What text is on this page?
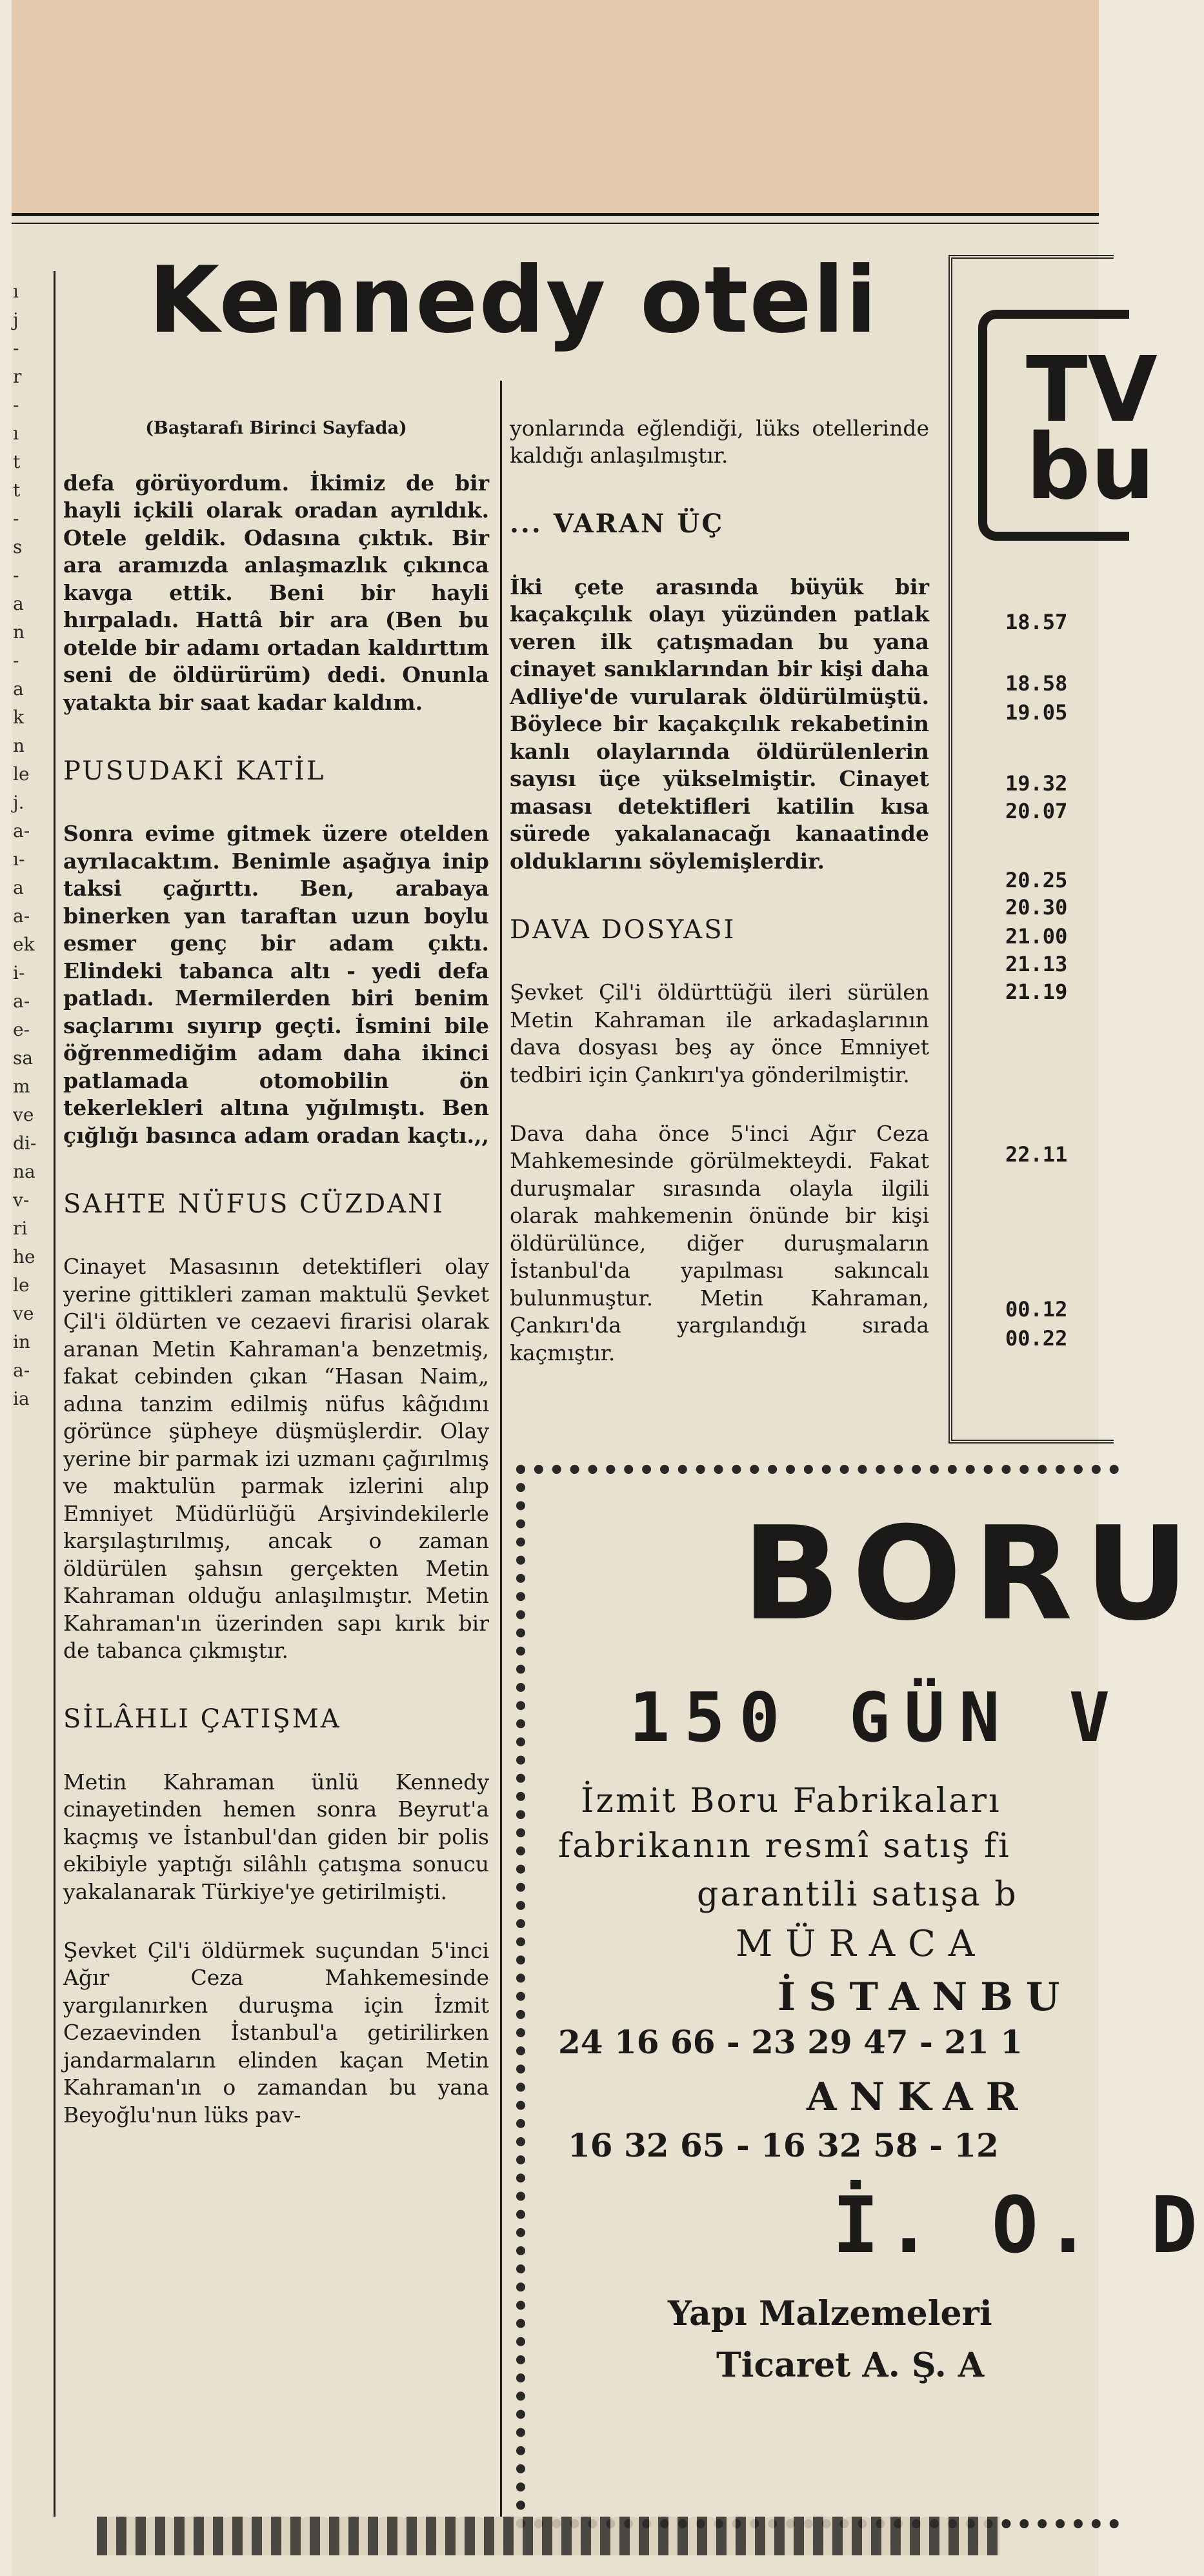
Kennedy oteli
ı
j
-
r
-
ı
t
t
-
s
-
a
n
-
a
k
n
le
j.
a-
ı-
a
a-
ek
i-
a-
e-
sa
m
ve
di-
na
v-
ri
he
le
ve
in
a-
ia

(Baştarafı Birinci Sayfada)

defa görüyordum. İkimiz de bir hayli içkili olarak oradan ayrıldık. Otele geldik. Odasına çıktık. Bir ara aramızda anlaşmazlık çıkınca kavga ettik. Beni bir hayli hırpaladı. Hattâ bir ara (Ben bu otelde bir adamı ortadan kaldırttım seni de öldürürüm) dedi. Onunla yatakta bir saat kadar kaldım.

PUSUDAKİ KATİL

Sonra evime gitmek üzere otelden ayrılacaktım. Benimle aşağıya inip taksi çağırttı. Ben, arabaya binerken yan taraftan uzun boylu esmer genç bir adam çıktı. Elindeki tabanca altı - yedi defa patladı. Mermilerden biri benim saçlarımı sıyırıp geçti. İsmini bile öğrenmediğim adam daha ikinci patlamada otomobilin ön tekerlekleri altına yığılmıştı. Ben çığlığı basınca adam oradan kaçtı.,,

SAHTE NÜFUS CÜZDANI

Cinayet Masasının detektifleri olay yerine gittikleri zaman maktulü Şevket Çil'i öldürten ve cezaevi firarisi olarak aranan Metin Kahraman'a benzetmiş, fakat cebinden çıkan “Hasan Naim„ adına tanzim edilmiş nüfus kâğıdını görünce şüpheye düşmüşlerdir. Olay yerine bir parmak izi uzmanı çağırılmış ve maktulün parmak izlerini alıp Emniyet Müdürlüğü Arşivindekilerle karşılaştırılmış, ancak o zaman öldürülen şahsın gerçekten Metin Kahraman olduğu anlaşılmıştır. Metin Kahraman'ın üzerinden sapı kırık bir de tabanca çıkmıştır.

SİLÂHLI ÇATIŞMA

Metin Kahraman ünlü Kennedy cinayetinden hemen sonra Beyrut'a kaçmış ve İstanbul'dan giden bir polis ekibiyle yaptığı silâhlı çatışma sonucu yakalanarak Türkiye'ye getirilmişti.

Şevket Çil'i öldürmek suçundan 5'inci Ağır Ceza Mahkemesinde yargılanırken duruşma için İzmit Cezaevinden İstanbul'a getirilirken jandarmaların elinden kaçan Metin Kahraman'ın o zamandan bu yana Beyoğlu'nun lüks pav-

yonlarında eğlendiği, lüks otellerinde kaldığı anlaşılmıştır.

... VARAN ÜÇ

İki çete arasında büyük bir kaçakçılık olayı yüzünden patlak veren ilk çatışmadan bu yana cinayet sanıklarından bir kişi daha Adliye'de vurularak öldürülmüştü. Böylece bir kaçakçılık rekabetinin kanlı olaylarında öldürülenlerin sayısı üçe yükselmiştir. Cinayet masası detektifleri katilin kısa sürede yakalanacağı kanaatinde olduklarını söylemişlerdir.

DAVA DOSYASI

Şevket Çil'i öldürttüğü ileri sürülen Metin Kahraman ile arkadaşlarının dava dosyası beş ay önce Emniyet tedbiri için Çankırı'ya gönderilmiştir.

Dava daha önce 5'inci Ağır Ceza Mahkemesinde görülmekteydi. Fakat duruşmalar sırasında olayla ilgili olarak mahkemenin önünde bir kişi öldürülünce, diğer duruşmaların İstanbul'da yapılması sakıncalı bulunmuştur. Metin Kahraman, Çankırı'da yargılandığı sırada kaçmıştır.

TV
bu
18.57
18.58
19.05
19.32
20.07
20.25
20.30
21.00
21.13
21.19
22.11
00.12
00.22
BORU
150 GÜN V
İzmit Boru Fabrikaları
fabrikanın resmî satış fi
garantili satışa b
MÜRACA
İSTANBU
24 16 66 - 23 29 47 - 21 1
ANKAR
16 32 65 - 16 32 58 - 12
İ. O. D
Yapı Malzemeleri
Ticaret A. Ş. A
